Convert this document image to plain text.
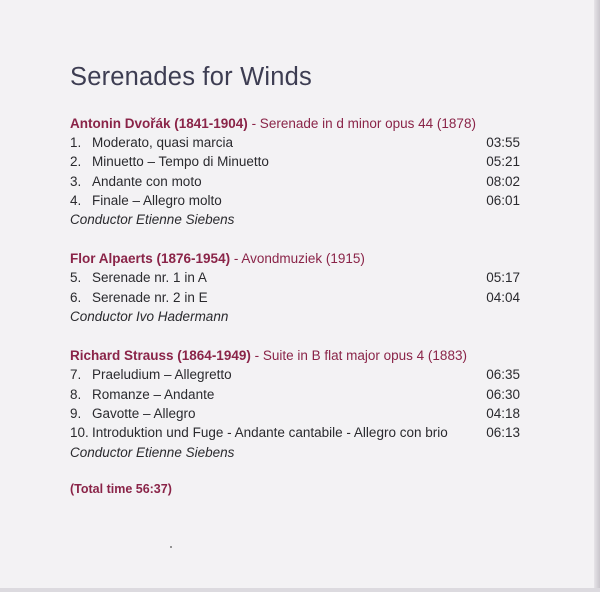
Serenades for Winds
Antonin Dvořák (1841-1904) - Serenade in d minor opus 44 (1878)
1. Moderato, quasi marcia	03:55
2. Minuetto – Tempo di Minuetto	05:21
3. Andante con moto	08:02
4. Finale – Allegro molto	06:01
Conductor Etienne Siebens
Flor Alpaerts (1876-1954) - Avondmuziek (1915)
5. Serenade nr. 1 in A	05:17
6. Serenade nr. 2 in E	04:04
Conductor Ivo Hadermann
Richard Strauss (1864-1949) - Suite in B flat major opus 4 (1883)
7. Praeludium – Allegretto	06:35
8. Romanze – Andante	06:30
9. Gavotte – Allegro	04:18
10. Introduktion und Fuge - Andante cantabile - Allegro con brio	06:13
Conductor Etienne Siebens
(Total time 56:37)
